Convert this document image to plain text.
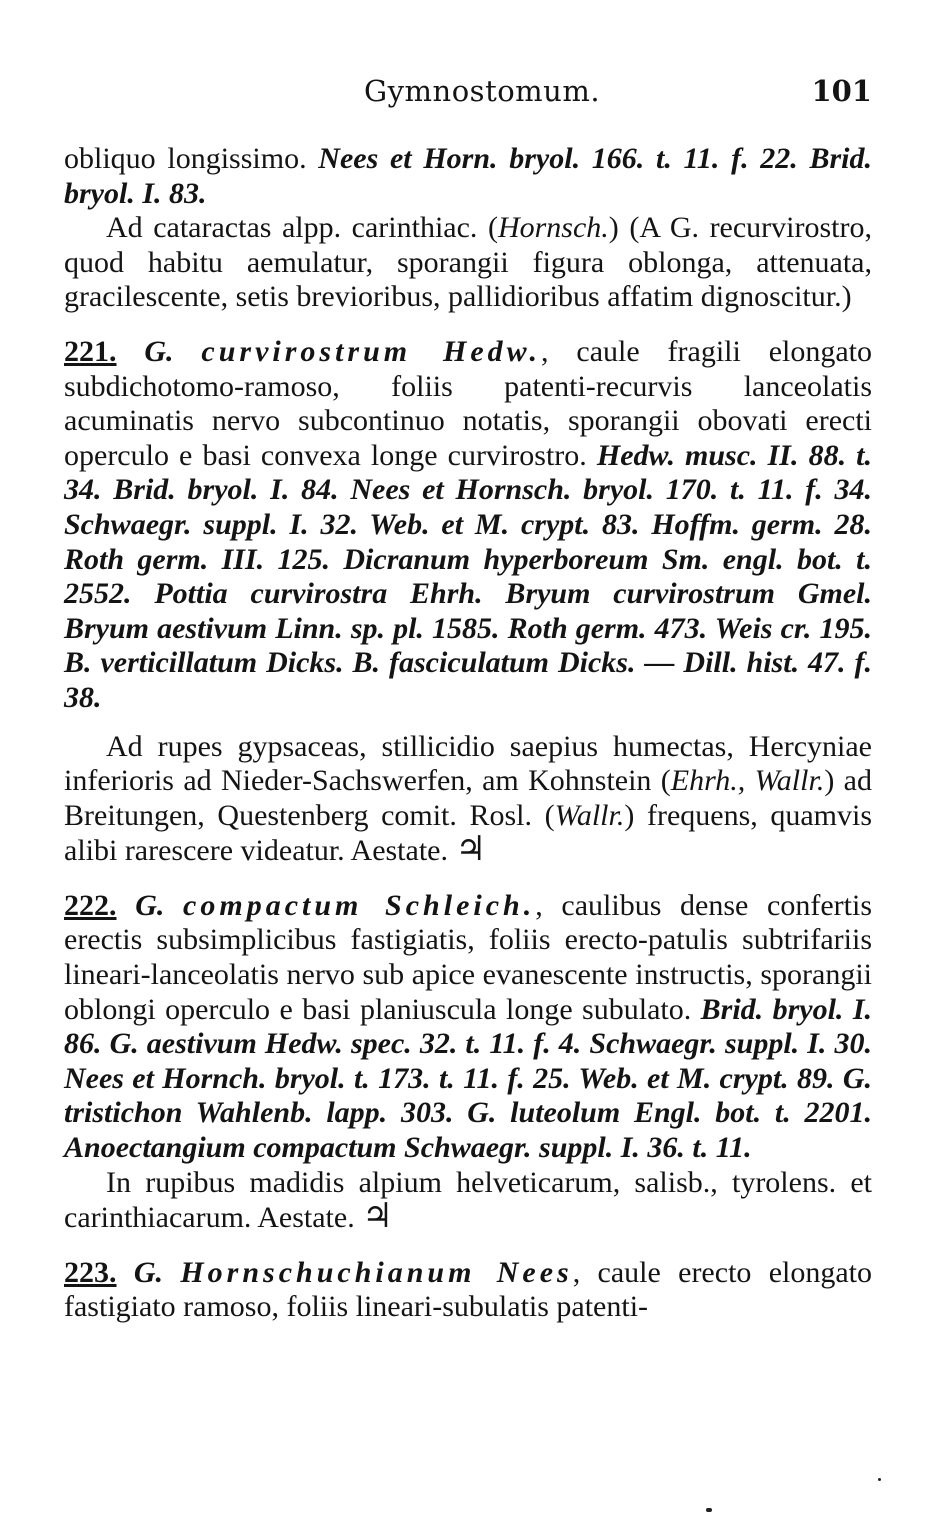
Gymnostomum.	101

obliquo longissimo. Nees et Horn. bryol. 166. t. 11. f. 22. Brid. bryol. I. 83.

Ad cataractas alpp. carinthiac. (Hornsch.) (A G. recurvirostro, quod habitu aemulatur, sporangii figura oblonga, attenuata, gracilescente, setis brevioribus, pallidioribus affatim dignoscitur.)

221. G. curvirostrum Hedw., caule fragili elongato subdichotomo-ramoso, foliis patenti-recurvis lanceolatis acuminatis nervo subcontinuo notatis, sporangii obovati erecti operculo e basi convexa longe curvirostro. Hedw. musc. II. 88. t. 34. Brid. bryol. I. 84. Nees et Hornsch. bryol. 170. t. 11. f. 34. Schwaegr. suppl. I. 32. Web. et M. crypt. 83. Hoffm. germ. 28. Roth germ. III. 125. Dicranum hyperboreum Sm. engl. bot. t. 2552. Pottia curvirostra Ehrh. Bryum curvirostrum Gmel. Bryum aestivum Linn. sp. pl. 1585. Roth germ. 473. Weis cr. 195. B. verticillatum Dicks. B. fasciculatum Dicks. — Dill. hist. 47. f. 38.

Ad rupes gypsaceas, stillicidio saepius humectas, Hercyniae inferioris ad Nieder-Sachswerfen, am Kohnstein (Ehrh., Wallr.) ad Breitungen, Questenberg comit. Rosl. (Wallr.) frequens, quamvis alibi rarescere videatur. Aestate. ♃

222. G. compactum Schleich., caulibus dense confertis erectis subsimplicibus fastigiatis, foliis erecto-patulis subtrifariis lineari-lanceolatis nervo sub apice evanescente instructis, sporangii oblongi operculo e basi planiuscula longe subulato. Brid. bryol. I. 86. G. aestivum Hedw. spec. 32. t. 11. f. 4. Schwaegr. suppl. I. 30. Nees et Hornch. bryol. t. 173. t. 11. f. 25. Web. et M. crypt. 89. G. tristichon Wahlenb. lapp. 303. G. luteolum Engl. bot. t. 2201. Anoectangium compactum Schwaegr. suppl. I. 36. t. 11.

In rupibus madidis alpium helveticarum, salisb., tyrolens. et carinthiacarum. Aestate. ♃

223. G. Hornschuchianum Nees, caule erecto elongato fastigiato ramoso, foliis lineari-subulatis patenti-
